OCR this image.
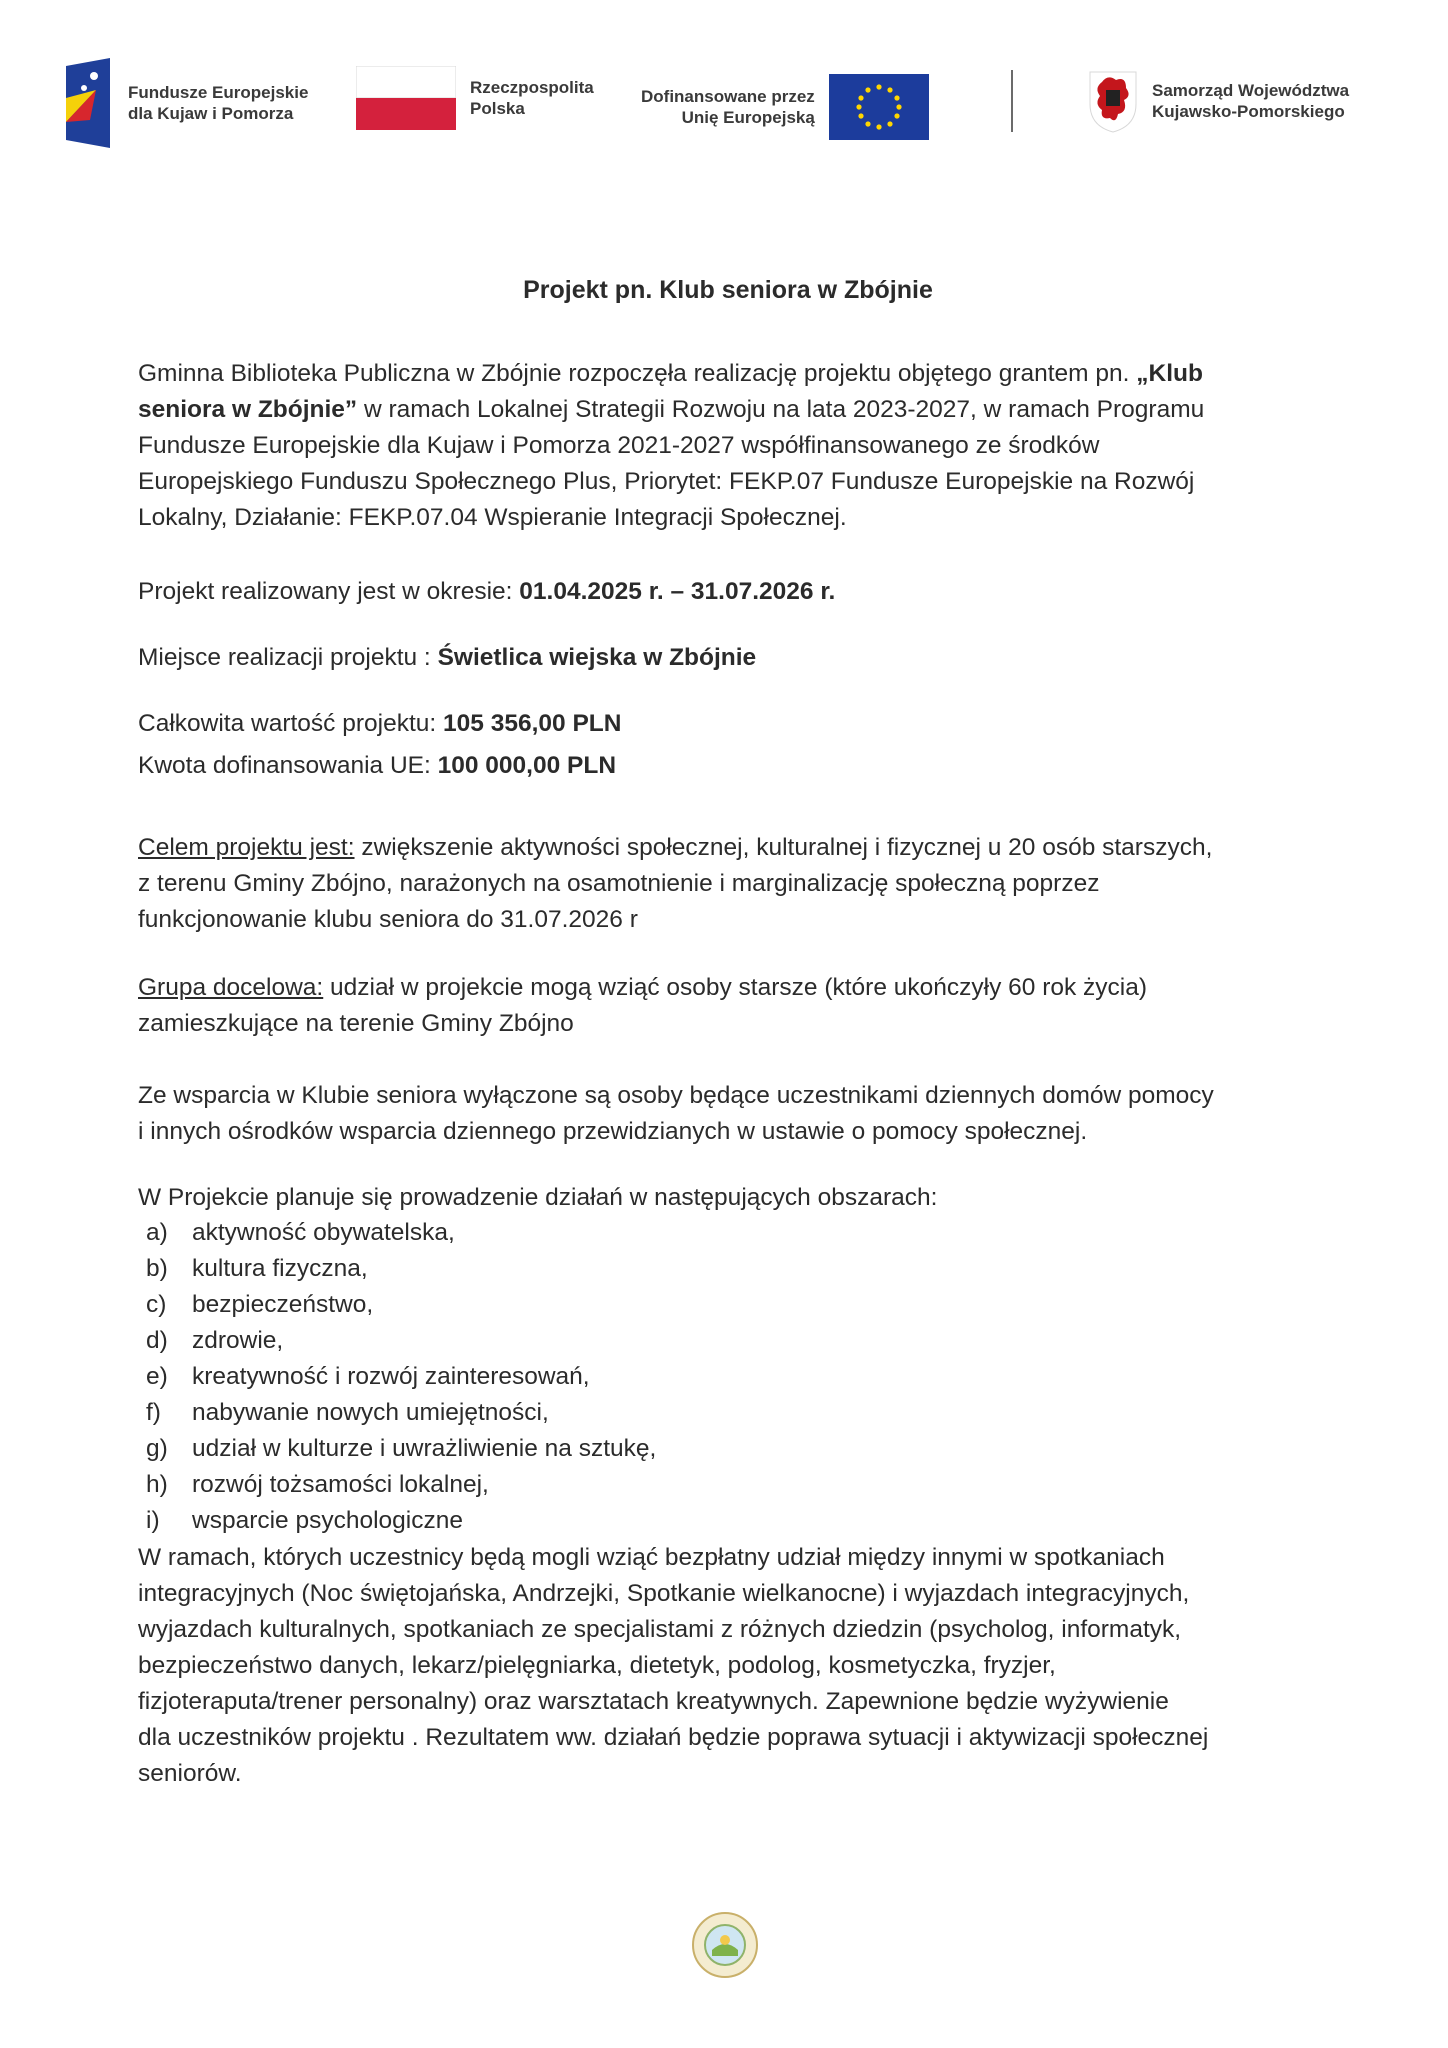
Fundusze Europejskie
dla Kujaw i Pomorza
Rzeczpospolita
Polska
Dofinansowane przez
Unię Europejską
Samorząd Województwa
Kujawsko-Pomorskiego
Projekt pn. Klub seniora w Zbójnie
Gminna Biblioteka Publiczna w Zbójnie rozpoczęła realizację projektu objętego grantem pn. „Klub
seniora w Zbójnie” w ramach Lokalnej Strategii Rozwoju na lata 2023-2027, w ramach Programu
Fundusze Europejskie dla Kujaw i Pomorza 2021-2027 współfinansowanego ze środków
Europejskiego Funduszu Społecznego Plus, Priorytet: FEKP.07 Fundusze Europejskie na Rozwój
Lokalny, Działanie: FEKP.07.04 Wspieranie Integracji Społecznej.
Projekt realizowany jest w okresie: 01.04.2025 r. – 31.07.2026 r.
Miejsce realizacji projektu : Świetlica wiejska w Zbójnie
Całkowita wartość projektu: 105 356,00 PLN
Kwota dofinansowania UE: 100 000,00 PLN
Celem projektu jest: zwiększenie aktywności społecznej, kulturalnej i fizycznej u 20 osób starszych,
z terenu Gminy Zbójno, narażonych na osamotnienie i marginalizację społeczną poprzez
funkcjonowanie klubu seniora do 31.07.2026 r
Grupa docelowa: udział w projekcie mogą wziąć osoby starsze (które ukończyły 60 rok życia)
zamieszkujące na terenie Gminy Zbójno
Ze wsparcia w Klubie seniora wyłączone są osoby będące uczestnikami dziennych domów pomocy
i innych ośrodków wsparcia dziennego przewidzianych w ustawie o pomocy społecznej.
W Projekcie planuje się prowadzenie działań w następujących obszarach:
a) aktywność obywatelska,
b) kultura fizyczna,
c)	bezpieczeństwo,
d) zdrowie,
e) kreatywność i rozwój zainteresowań,
f)	nabywanie nowych umiejętności,
g) udział w kulturze i uwrażliwienie na sztukę,
h) rozwój tożsamości lokalnej,
i)	wsparcie psychologiczne
W ramach, których uczestnicy będą mogli wziąć bezpłatny udział między innymi w spotkaniach
integracyjnych (Noc świętojańska, Andrzejki, Spotkanie wielkanocne) i wyjazdach integracyjnych,
wyjazdach kulturalnych, spotkaniach ze specjalistami z różnych dziedzin (psycholog, informatyk,
bezpieczeństwo danych, lekarz/pielęgniarka, dietetyk, podolog, kosmetyczka, fryzjer,
fizjoteraputa/trener personalny) oraz warsztatach kreatywnych. Zapewnione będzie wyżywienie
dla uczestników projektu . Rezultatem ww. działań będzie poprawa sytuacji i aktywizacji społecznej
seniorów.
